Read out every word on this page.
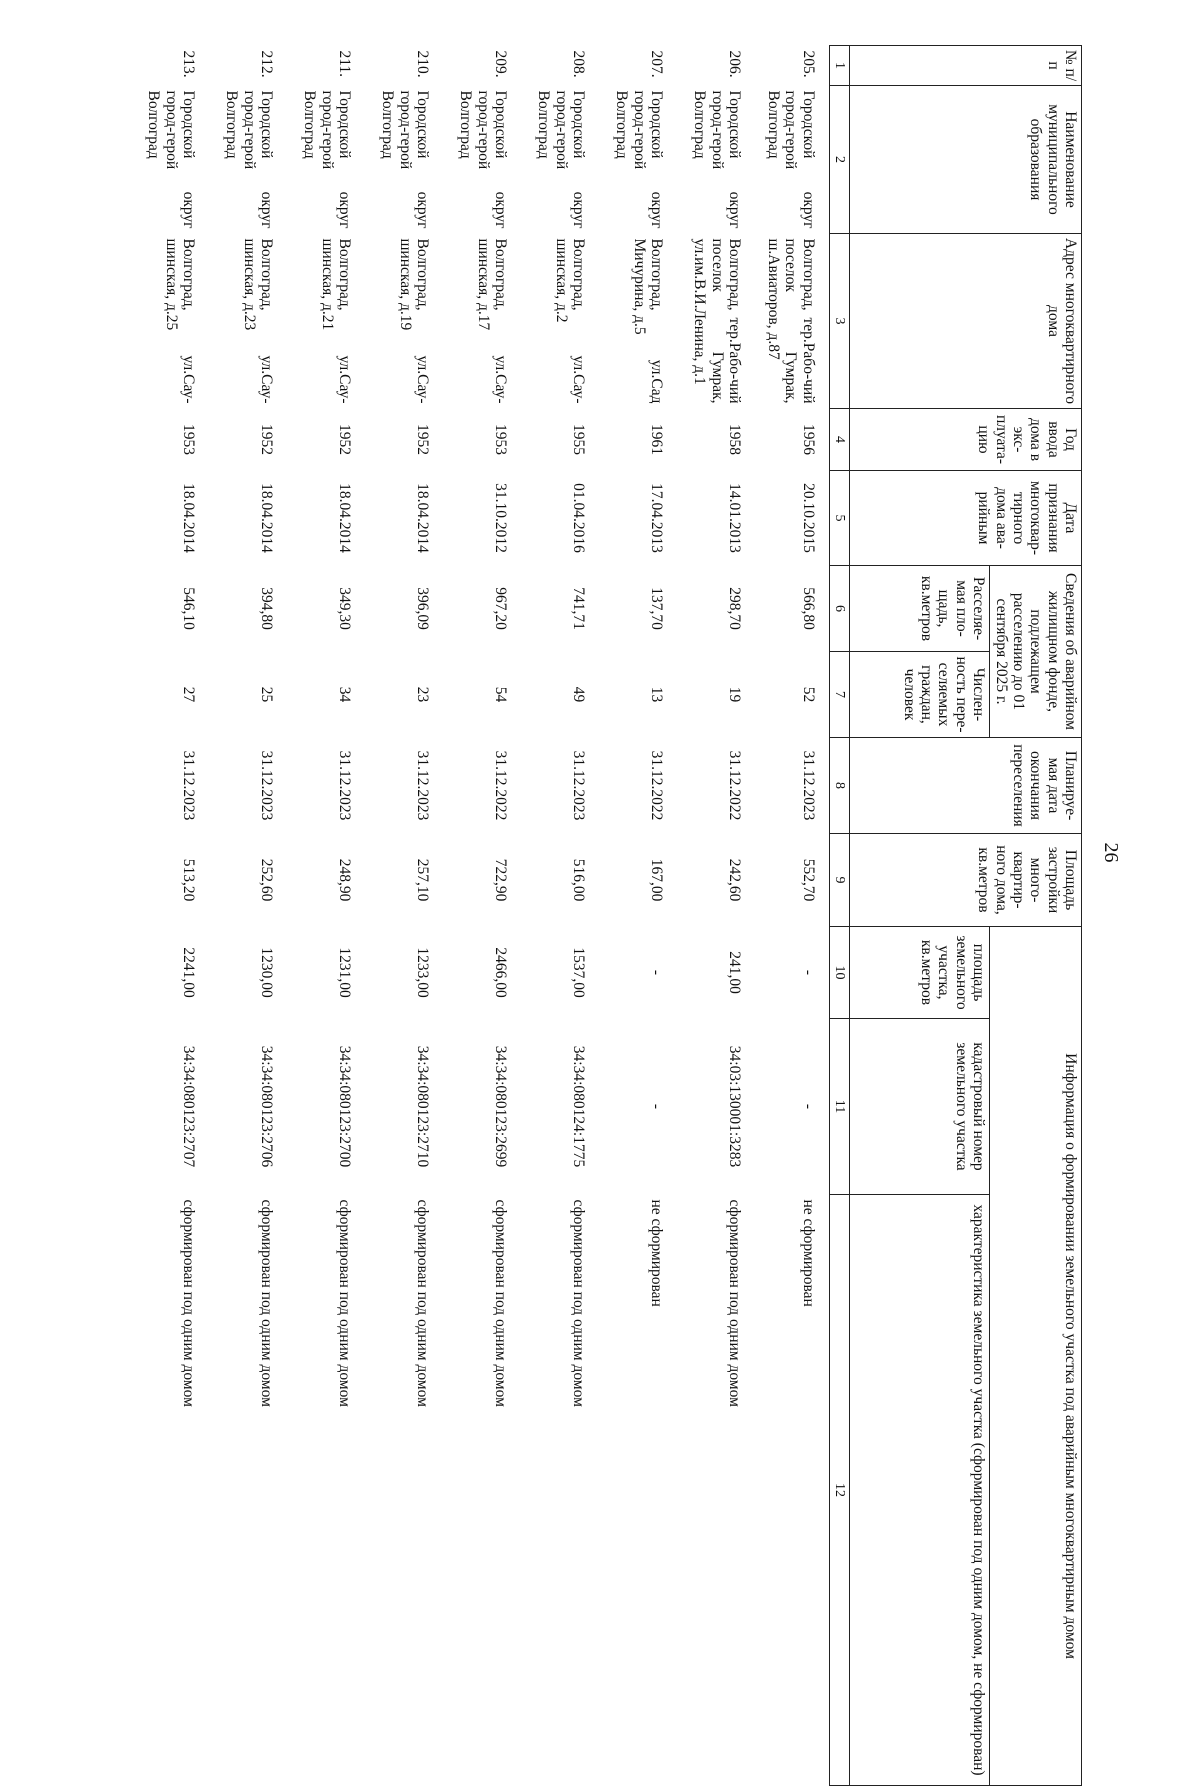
26
№ п/п	Наименование муниципального образования	Адрес многоквартирного дома	Год ввода дома в экс-плуата-цию	Дата признания многоквар-тирного дома ава-рийным	Сведения об аварийном жилищном фонде, подлежащем расселению до 01 сентября 2025 г.		Планируе-мая дата окончания переселения	Площадь застройки много-квартир-ного дома, кв.метров	Информация о формировании земельного участка под аварийным многоквартирным домом		
					Расселяе-мая пло-щадь, кв.метров	Числен-ность пере-селяемых граждан, человек			площадь земельного участка, кв.метров	кадастровый номер земельного участка	характеристика земельного участка (сформирован под одним домом, не сформирован)
1	2	3	4	5	6	7	8	9	10	11	12
205.	Городской округ город-герой Волгоград	Волгоград, тер.Рабо-чий поселок Гумрак, ш.Авиаторов, д.87	1956	20.10.2015	566,80	52	31.12.2023	552,70	-	-	не сформирован
206.	Городской округ город-герой Волгоград	Волгоград, тер.Рабо-чий поселок Гумрак, ул.им.В.И.Ленина, д.1	1958	14.01.2013	298,70	19	31.12.2022	242,60	241,00	34:03:130001:3283	сформирован под одним домом
207.	Городской округ город-герой Волгоград	Волгоград, ул.Сад Мичурина, д.5	1961	17.04.2013	137,70	13	31.12.2022	167,00	-	-	не сформирован
208.	Городской округ город-герой Волгоград	Волгоград, ул.Сау-шинская, д.2	1955	01.04.2016	741,71	49	31.12.2023	516,00	1537,00	34:34:080124:1775	сформирован под одним домом
209.	Городской округ город-герой Волгоград	Волгоград, ул.Сау-шинская, д.17	1953	31.10.2012	967,20	54	31.12.2022	722,90	2466,00	34:34:080123:2699	сформирован под одним домом
210.	Городской округ город-герой Волгоград	Волгоград, ул.Сау-шинская, д.19	1952	18.04.2014	396,09	23	31.12.2023	257,10	1233,00	34:34:080123:2710	сформирован под одним домом
211.	Городской округ город-герой Волгоград	Волгоград, ул.Сау-шинская, д.21	1952	18.04.2014	349,30	34	31.12.2023	248,90	1231,00	34:34:080123:2700	сформирован под одним домом
212.	Городской округ город-герой Волгоград	Волгоград, ул.Сау-шинская, д.23	1952	18.04.2014	394,80	25	31.12.2023	252,60	1230,00	34:34:080123:2706	сформирован под одним домом
213.	Городской округ город-герой Волгоград	Волгоград, ул.Сау-шинская, д.25	1953	18.04.2014	546,10	27	31.12.2023	513,20	2241,00	34:34:080123:2707	сформирован под одним домом
